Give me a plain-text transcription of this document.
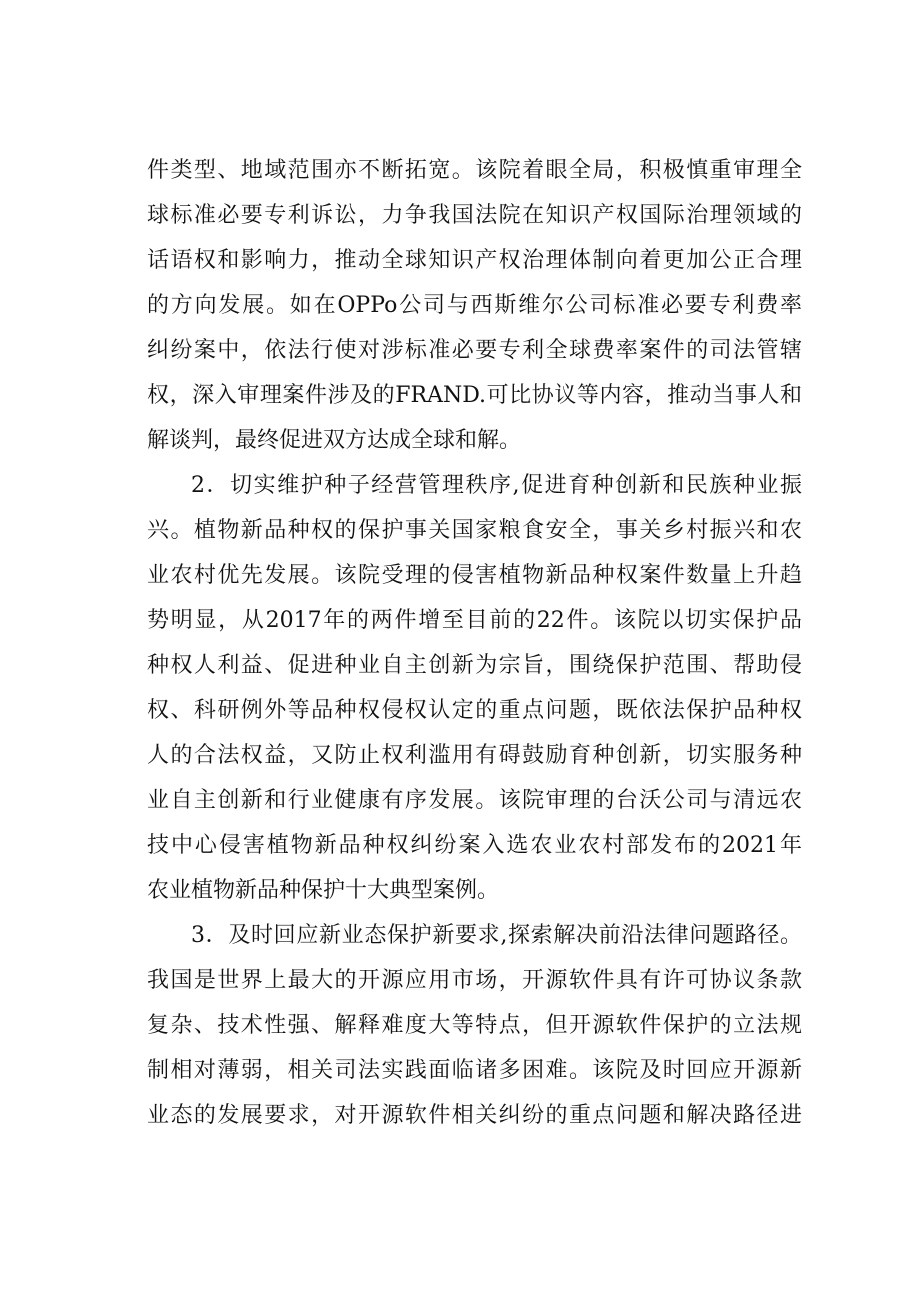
件类型、地域范围亦不断拓宽。该院着眼全局，积极慎重审理全
球标准必要专利诉讼，力争我国法院在知识产权国际治理领域的
话语权和影响力，推动全球知识产权治理体制向着更加公正合理
的方向发展。如在OPPo公司与西斯维尔公司标准必要专利费率
纠纷案中，依法行使对涉标准必要专利全球费率案件的司法管辖
权，深入审理案件涉及的FRAND.可比协议等内容，推动当事人和
解谈判，最终促进双方达成全球和解。
2．切实维护种子经营管理秩序,促进育种创新和民族种业振
兴。植物新品种权的保护事关国家粮食安全，事关乡村振兴和农
业农村优先发展。该院受理的侵害植物新品种权案件数量上升趋
势明显，从2017年的两件增至目前的22件。该院以切实保护品
种权人利益、促进种业自主创新为宗旨，围绕保护范围、帮助侵
权、科研例外等品种权侵权认定的重点问题，既依法保护品种权
人的合法权益，又防止权利滥用有碍鼓励育种创新，切实服务种
业自主创新和行业健康有序发展。该院审理的台沃公司与清远农
技中心侵害植物新品种权纠纷案入选农业农村部发布的2021年
农业植物新品种保护十大典型案例。
3．及时回应新业态保护新要求,探索解决前沿法律问题路径。
我国是世界上最大的开源应用市场，开源软件具有许可协议条款
复杂、技术性强、解释难度大等特点，但开源软件保护的立法规
制相对薄弱，相关司法实践面临诸多困难。该院及时回应开源新
业态的发展要求，对开源软件相关纠纷的重点问题和解决路径进
